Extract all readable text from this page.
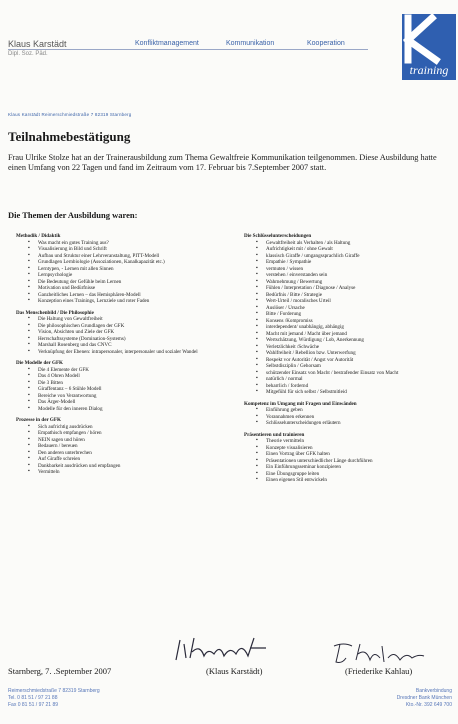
Klaus Karstädt
Dipl. Soz. Päd.
Konfliktmanagement	Kommunikation	Kooperation
training
Klaus Karstädt Reimerschmiedstraße 7 82319 Starnberg
Teilnahmebestätigung
Frau Ulrike Stolze hat an der Trainerausbildung zum Thema Gewaltfreie Kommunikation teilgenommen. Diese Ausbildung hatte einen Umfang von 22 Tagen und fand im Zeitraum vom 17. Februar bis 7.September 2007 statt.
Die Themen der Ausbildung waren:

Methodik / Didaktik

▪ Was macht ein gutes Training aus?
▪ Visualisierung in Bild und Schrift
▪ Aufbau und Struktur einer Lehrveranstaltung, PITT-Modell
▪ Grundlagen Lernbiologie (Assoziationen, Kanalkapazität etc.)
▪ Lerntypen, - Lernen mit allen Sinnen
▪ Lernpsychologie
▪ Die Bedeutung der Gefühle beim Lernen
▪ Motivation und Bedürfnisse
▪ Ganzheitliches Lernen – das Hemisphären-Modell
▪ Konzeption eines Trainings, Lernziele und roter Faden

Das Menschenbild / Die Philosophie

▪ Die Haltung von Gewaltfreiheit
▪ Die philosophischen Grundlagen der GFK
▪ Vision, Absichten und Ziele der GFK
▪ Herrschaftssysteme (Domination-Systems)
▪ Marshall Rosenberg und das CNVC
▪ Verknüpfung der Ebenen: intrapersonaler, interpersonaler und sozialer Wandel

Die Modelle der GFK

▪ Die 4 Elemente der GFK
▪ Das 4 Ohren Modell
▪ Die 3 Bitten
▪ Giraffentanz – 6 Stühle Modell
▪ Bereiche von Verantwortung
▪ Das Ärger-Modell
▪ Modelle für den inneren Dialog

Prozesse in der GFK

▪ Sich aufrichtig ausdrücken
▪ Empathisch empfangen / hören
▪ NEIN sagen und hören
▪ Bedauern / bereuen
▪ Den anderen unterbrechen
▪ Auf Giraffe schreien
▪ Dankbarkeit ausdrücken und empfangen
▪ Vermitteln

Die Schlüsselunterscheidungen

▪ Gewaltfreiheit als Verhalten / als Haltung
▪ Aufrichtigkeit mit / ohne Gewalt
▪ klassisch Giraffe / umgangssprachlich Giraffe
▪ Empathie / Sympathie
▪ vermuten / wissen
▪ verstehen / einverstanden sein
▪ Wahrnehmung / Bewertung
▪ Fühlen / Interpretation / Diagnose / Analyse
▪ Bedürfnis / Bitte / Strategie
▪ Wert-Urteil / moralisches Urteil
▪ Auslöser / Ursache
▪ Bitte / Forderung
▪ Konsens /Kompromiss
▪ interdependent/ unabhängig, abhängig
▪ Macht mit jemand / Macht über jemand
▪ Wertschätzung, Würdigung / Lob, Anerkennung
▪ Verletzlichkeit /Schwäche
▪ Wahlfreiheit / Rebellion bzw. Unterwerfung
▪ Respekt vor Autorität / Angst vor Autorität
▪ Selbstdisziplin / Gehorsam
▪ schützender Einsatz von Macht / bestrafender Einsatz von Macht
▪ natürlich / normal
▪ beharrlich / fordernd
▪ Mitgefühl für sich selbst / Selbstmitleid

Kompetenz im Umgang mit Fragen und Einwänden

▪ Einführung geben
▪ Vorannahmen erkennen
▪ Schlüsselunterscheidungen erläutern

Präsentieren und trainieren

▪ Theorie vermitteln
▪ Konzepte visualisieren
▪ Einen Vortrag über GFK halten
▪ Präsentationen unterschiedlicher Länge durchführen
▪ Ein Einführungsseminar konzipieren
▪ Eine Übungsgruppe leiten
▪ Einen eigenen Stil entwickeln
Starnberg, 7. .September 2007	(Klaus Karstädt)	(Friederike Kahlau)
Reimerschmiedstraße 7 82319 Starnberg
Tel. 0 81 51 / 97 21 88
Fax 0 81 51 / 97 21 89
Bankverbindung
Dresdner Bank München
Kto.-Nr. 392 649 700
